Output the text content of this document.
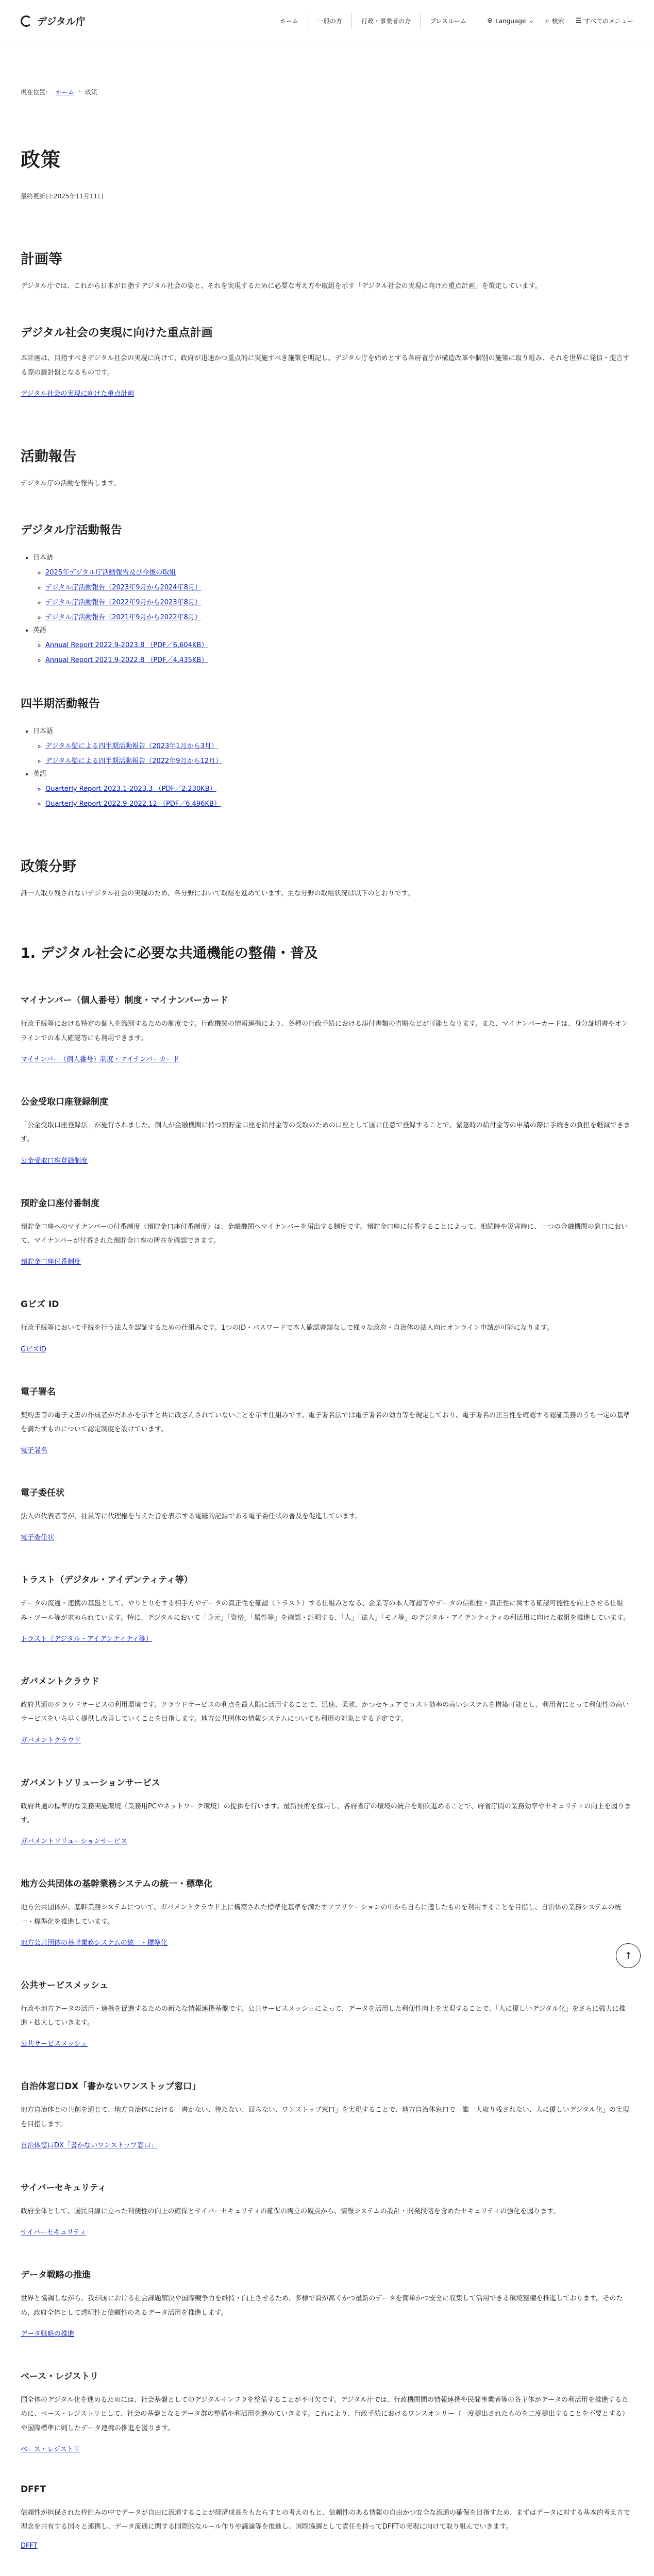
デジタル庁	ホーム	一般の方	行政・事業者の方	プレスルーム	⊕ Language ⌄ ⌕ 検索 ☰ すべてのメニュー
現在位置： ホーム › 政策
政策
最終更新日:2025年11月11日
計画等

デジタル庁では、これから日本が目指すデジタル社会の姿と、それを実現するために必要な考え方や取組を示す「デジタル社会の実現に向けた重点計画」を策定しています。

デジタル社会の実現に向けた重点計画

本計画は、目指すべきデジタル社会の実現に向けて、政府が迅速かつ重点的に実施すべき施策を明記し、デジタル庁を始めとする各府省庁が構造改革や個別の施策に取り組み、それを世界に発信・提言する際の羅針盤となるものです。

デジタル社会の実現に向けた重点計画
活動報告

デジタル庁の活動を報告します。

デジタル庁活動報告
• 日本語
◦ 2025年デジタル庁活動報告及び今後の取組
◦ デジタル庁活動報告（2023年9月から2024年8月）
◦ デジタル庁活動報告（2022年9月から2023年8月）
◦ デジタル庁活動報告（2021年9月から2022年8月）
• 英語
◦ Annual Report 2022.9-2023.8 （PDF／6,604KB）
◦ Annual Report 2021.9-2022.8 （PDF／4,435KB）
四半期活動報告
• 日本語
◦ デジタル監による四半期活動報告（2023年1月から3月）
◦ デジタル監による四半期活動報告（2022年9月から12月）
• 英語
◦ Quarterly Report 2023.1-2023.3 （PDF／2,230KB）
◦ Quarterly Report 2022.9-2022.12 （PDF／6,496KB）
政策分野

誰一人取り残されないデジタル社会の実現のため、各分野において取組を進めています。主な分野の取組状況は以下のとおりです。

1. デジタル社会に必要な共通機能の整備・普及
マイナンバー（個人番号）制度・マイナンバーカード

行政手続等における特定の個人を識別するための制度です。行政機関の情報連携により、各種の行政手続における添付書類の省略などが可能となります。また、マイナンバーカードは、身分証明書やオンラインでの本人確認等にも利用できます。

マイナンバー（個人番号）制度・マイナンバーカード
公金受取口座登録制度

「公金受取口座登録法」が施行されました。個人が金融機関に持つ預貯金口座を給付金等の受取のための口座として国に任意で登録することで、緊急時の給付金等の申請の際に手続きの負担を軽減できます。

公金受取口座登録制度
預貯金口座付番制度

預貯金口座へのマイナンバーの付番制度（預貯金口座付番制度）は、金融機関へマイナンバーを届出する制度です。預貯金口座に付番することによって、相続時や災害時に、一つの金融機関の窓口において、マイナンバーが付番された預貯金口座の所在を確認できます。

預貯金口座付番制度
Gビズ ID

行政手続等において手続を行う法人を認証するための仕組みです。1つのID・パスワードで本人確認書類なしで様々な政府・自治体の法人向けオンライン申請が可能になります。

GビズID
電子署名

契約書等の電子文書の作成者がだれかを示すと共に改ざんされていないことを示す仕組みです。電子署名法では電子署名の効力等を規定しており、電子署名の正当性を確認する認証業務のうち一定の基準を満たすものについて認定制度を設けています。

電子署名
電子委任状

法人の代表者等が、社員等に代理権を与えた旨を表示する電磁的記録である電子委任状の普及を促進しています。

電子委任状
トラスト（デジタル・アイデンティティ等）

データの流通・連携の基盤として、やりとりをする相手方やデータの真正性を確認（トラスト）する仕組みとなる、企業等の本人確認等やデータの信頼性・真正性に関する確認可能性を向上させる仕組み・ツール等が求められています。特に、デジタルにおいて「身元」「資格」「属性等」を確認・証明する、「人」「法人」「モノ等」のデジタル・アイデンティティの利活用に向けた取組を推進しています。

トラスト（デジタル・アイデンティティ等）
ガバメントクラウド

政府共通のクラウドサービスの利用環境です。クラウドサービスの利点を最大限に活用することで、迅速、柔軟、かつセキュアでコスト効率の高いシステムを構築可能とし、利用者にとって利便性の高いサービスをいち早く提供し改善していくことを目指します。地方公共団体の情報システムについても利用の対象とする予定です。

ガバメントクラウド
ガバメントソリューションサービス

政府共通の標準的な業務実施環境（業務用PCやネットワーク環境）の提供を行います。最新技術を採用し、各府省庁の環境の統合を順次進めることで、府省庁間の業務効率やセキュリティの向上を図ります。

ガバメントソリューションサービス
地方公共団体の基幹業務システムの統一・標準化

地方公共団体が、基幹業務システムについて、ガバメントクラウド上に構築された標準化基準を満たすアプリケーションの中から自らに適したものを利用することを目指し、自治体の業務システムの統一・標準化を推進しています。

地方公共団体の基幹業務システムの統一・標準化
公共サービスメッシュ

行政や地方データの活用・連携を促進するための新たな情報連携基盤です。公共サービスメッシュによって、データを活用した利便性向上を実現することで、「人に優しいデジタル化」をさらに強力に推進・拡大していきます。

公共サービスメッシュ
自治体窓口DX「書かないワンストップ窓口」

地方自治体との共創を通じて、地方自治体における「書かない、待たない、回らない、ワンストップ窓口」を実現することで、地方自治体窓口で「誰一人取り残されない、人に優しいデジタル化」の実現を目指します。

自治体窓口DX「書かないワンストップ窓口」
サイバーセキュリティ

政府全体として、国民目線に立った利便性の向上の確保とサイバーセキュリティの確保の両立の観点から、情報システムの設計・開発段階を含めたセキュリティの強化を図ります。

サイバーセキュリティ
データ戦略の推進

世界と協調しながら、我が国における社会課題解決や国際競争力を維持・向上させるため、多様で質が高くかつ最新のデータを簡単かつ安全に収集して活用できる環境整備を推進しております。そのため、政府全体として透明性と信頼性のあるデータ活用を推進します。

データ戦略の推進
ベース・レジストリ

国全体のデジタル化を進めるためには、社会基盤としてのデジタルインフラを整備することが不可欠です。デジタル庁では、行政機関間の情報連携や民間事業者等の各主体がデータの利活用を推進するために、ベース・レジストリとして、社会の基盤となるデータ群の整備や利活用を進めていきます。これにより、行政手続におけるワンスオンリー（一度提出されたものを二度提出することを不要とする）や国際標準に則したデータ連携の推進を図ります。

ベース・レジストリ
DFFT

信頼性が担保された枠組みの中でデータが自由に流通することが経済成長をもたらすとの考えのもと、信頼性のある情報の自由かつ安全な流通の確保を目指すため、まずはデータに対する基本的考え方で理念を共有する国々と連携し、データ流通に関する国際的なルール作りや議論等を推進し、国際協調として責任を持ってDFFTの実現に向けて取り組んでいきます。

DFFT

↑
